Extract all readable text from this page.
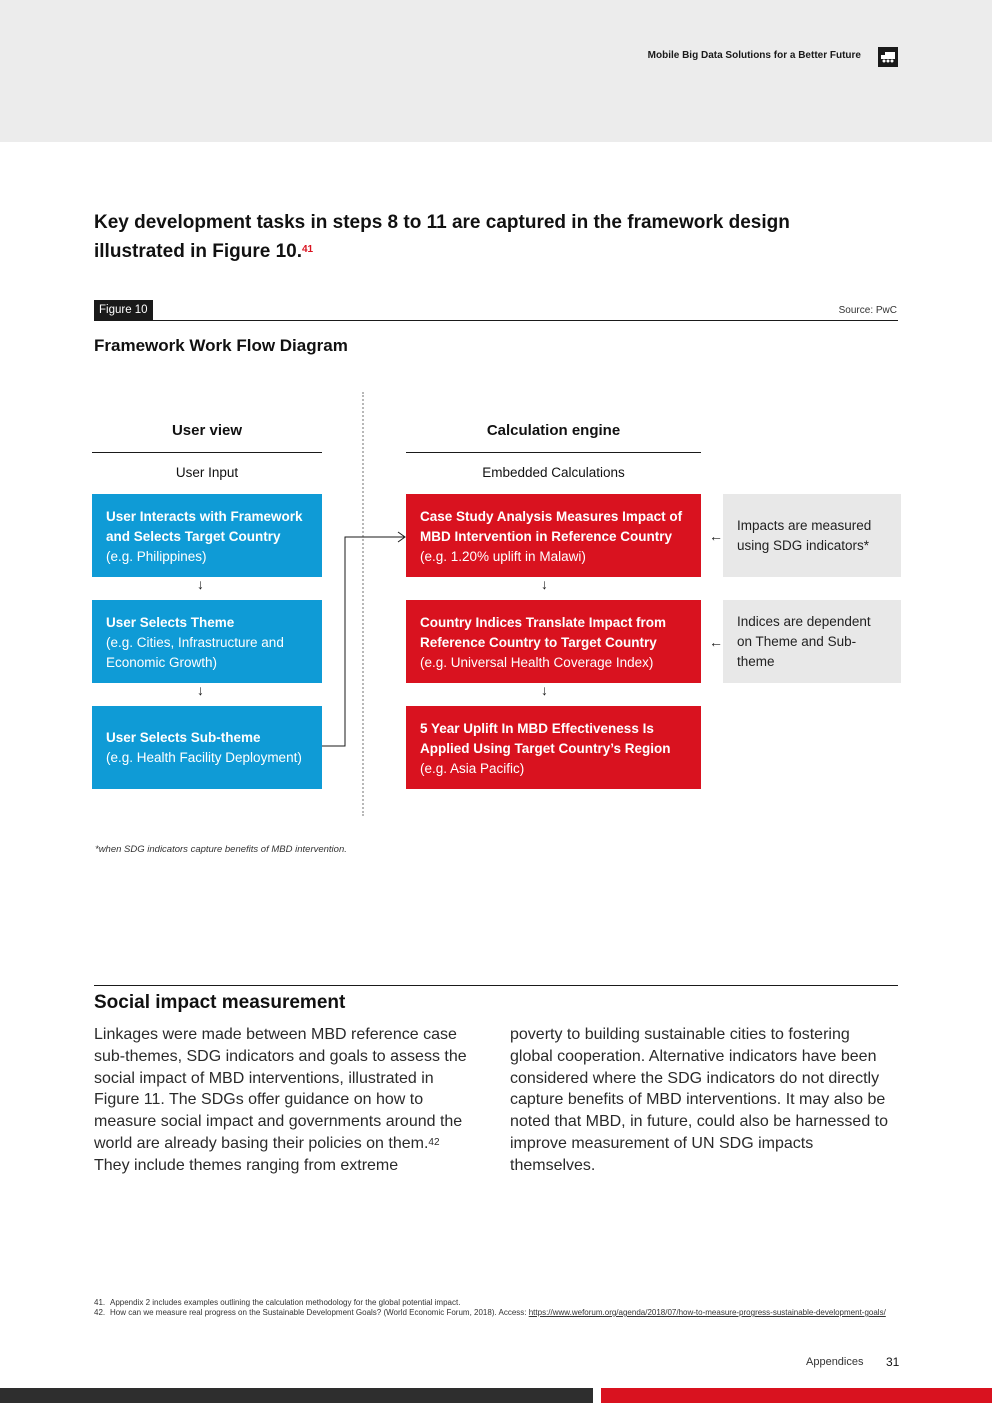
Mobile Big Data Solutions for a Better Future
Key development tasks in steps 8 to 11 are captured in the framework design illustrated in Figure 10.41
Figure 10	Source: PwC
Framework Work Flow Diagram
User view
User Input
Calculation engine
Embedded Calculations
User Interacts with Framework and Selects Target Country
(e.g. Philippines)
↓
User Selects Theme
(e.g. Cities, Infrastructure and Economic Growth)
↓
User Selects Sub-theme
(e.g. Health Facility Deployment)
Case Study Analysis Measures Impact of MBD Intervention in Reference Country
(e.g. 1.20% uplift in Malawi)
↓
Country Indices Translate Impact from Reference Country to Target Country
(e.g. Universal Health Coverage Index)
↓
5 Year Uplift In MBD Effectiveness Is Applied Using Target Country’s Region
(e.g. Asia Pacific)
←
Impacts are measured using SDG indicators*
←
Indices are dependent on Theme and Sub-theme
*when SDG indicators capture benefits of MBD intervention.
Social impact measurement
Linkages were made between MBD reference case sub-themes, SDG indicators and goals to assess the social impact of MBD interventions, illustrated in Figure 11. The SDGs offer guidance on how to measure social impact and governments around the world are already basing their policies on them.$^{42}$ They include themes ranging from extreme
poverty to building sustainable cities to fostering global cooperation. Alternative indicators have been considered where the SDG indicators do not directly capture benefits of MBD interventions. It may also be noted that MBD, in future, could also be harnessed to improve measurement of UN SDG impacts themselves.
41. Appendix 2 includes examples outlining the calculation methodology for the global potential impact.
42. How can we measure real progress on the Sustainable Development Goals? (World Economic Forum, 2018). Access: https://www.weforum.org/agenda/2018/07/how-to-measure-progress-sustainable-development-goals/
Appendices 31
